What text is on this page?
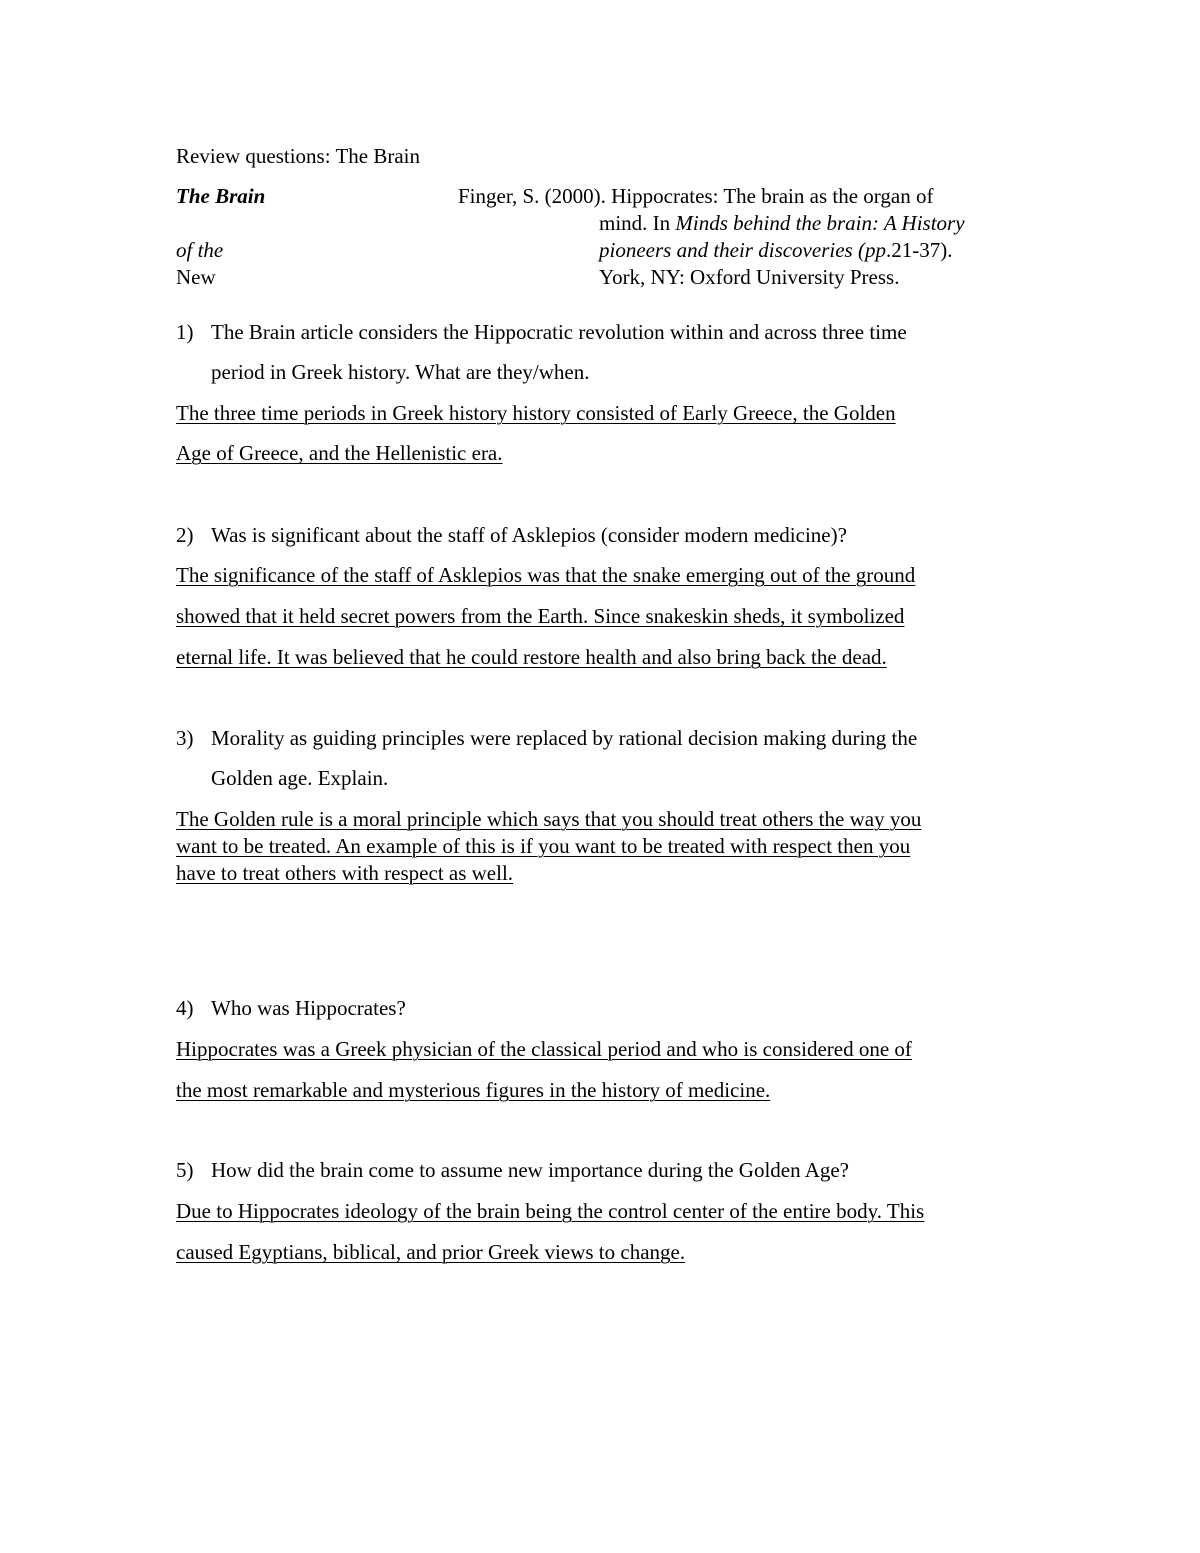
Review questions: The Brain
The Brain
of the
New
Finger, S. (2000). Hippocrates: The brain as the organ of
mind. In Minds behind the brain: A History
pioneers and their discoveries (pp.21-37).
York, NY: Oxford University Press.
1) The Brain article considers the Hippocratic revolution within and across three time
period in Greek history. What are they/when.
The three time periods in Greek history history consisted of Early Greece, the Golden
Age of Greece, and the Hellenistic era.
2) Was is significant about the staff of Asklepios (consider modern medicine)?
The significance of the staff of Asklepios was that the snake emerging out of the ground
showed that it held secret powers from the Earth. Since snakeskin sheds, it symbolized
eternal life. It was believed that he could restore health and also bring back the dead.
3) Morality as guiding principles were replaced by rational decision making during the
Golden age. Explain.
The Golden rule is a moral principle which says that you should treat others the way you
want to be treated. An example of this is if you want to be treated with respect then you
have to treat others with respect as well.
4) Who was Hippocrates?
Hippocrates was a Greek physician of the classical period and who is considered one of
the most remarkable and mysterious figures in the history of medicine.
5) How did the brain come to assume new importance during the Golden Age?
Due to Hippocrates ideology of the brain being the control center of the entire body. This
caused Egyptians, biblical, and prior Greek views to change.
